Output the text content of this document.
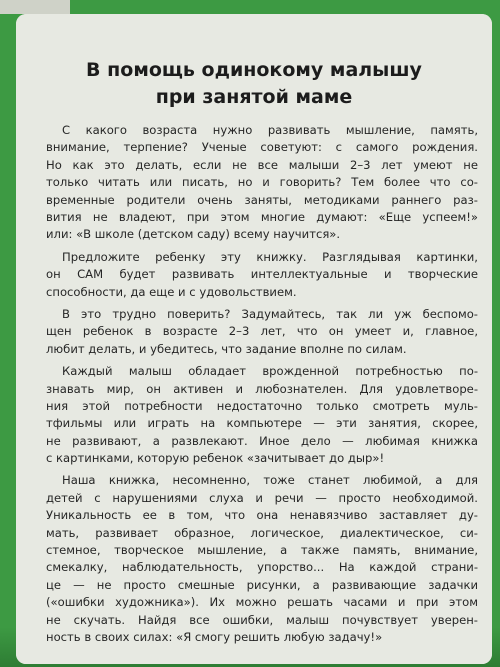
В помощь одинокому малышу
при занятой маме
С какого возраста нужно развивать мышление, память,
внимание, терпение? Ученые советуют: с самого рождения.
Но как это делать, если не все малыши 2–3 лет умеют не
только читать или писать, но и говорить? Тем более что со-
временные родители очень заняты, методиками раннего раз-
вития не владеют, при этом многие думают: «Еще успеем!»
или: «В школе (детском саду) всему научится».
Предложите ребенку эту книжку. Разглядывая картинки,
он САМ будет развивать интеллектуальные и творческие
способности, да еще и с удовольствием.
В это трудно поверить? Задумайтесь, так ли уж беспомо-
щен ребенок в возрасте 2–3 лет, что он умеет и, главное,
любит делать, и убедитесь, что задание вполне по силам.
Каждый малыш обладает врожденной потребностью по-
знавать мир, он активен и любознателен. Для удовлетворе-
ния этой потребности недостаточно только смотреть муль-
тфильмы или играть на компьютере — эти занятия, скорее,
не развивают, а развлекают. Иное дело — любимая книжка
с картинками, которую ребенок «зачитывает до дыр»!
Наша книжка, несомненно, тоже станет любимой, а для
детей с нарушениями слуха и речи — просто необходимой.
Уникальность ее в том, что она ненавязчиво заставляет ду-
мать, развивает образное, логическое, диалектическое, си-
стемное, творческое мышление, а также память, внимание,
смекалку, наблюдательность, упорство... На каждой страни-
це — не просто смешные рисунки, а развивающие задачки
(«ошибки художника»). Их можно решать часами и при этом
не скучать. Найдя все ошибки, малыш почувствует уверен-
ность в своих силах: «Я смогу решить любую задачу!»
